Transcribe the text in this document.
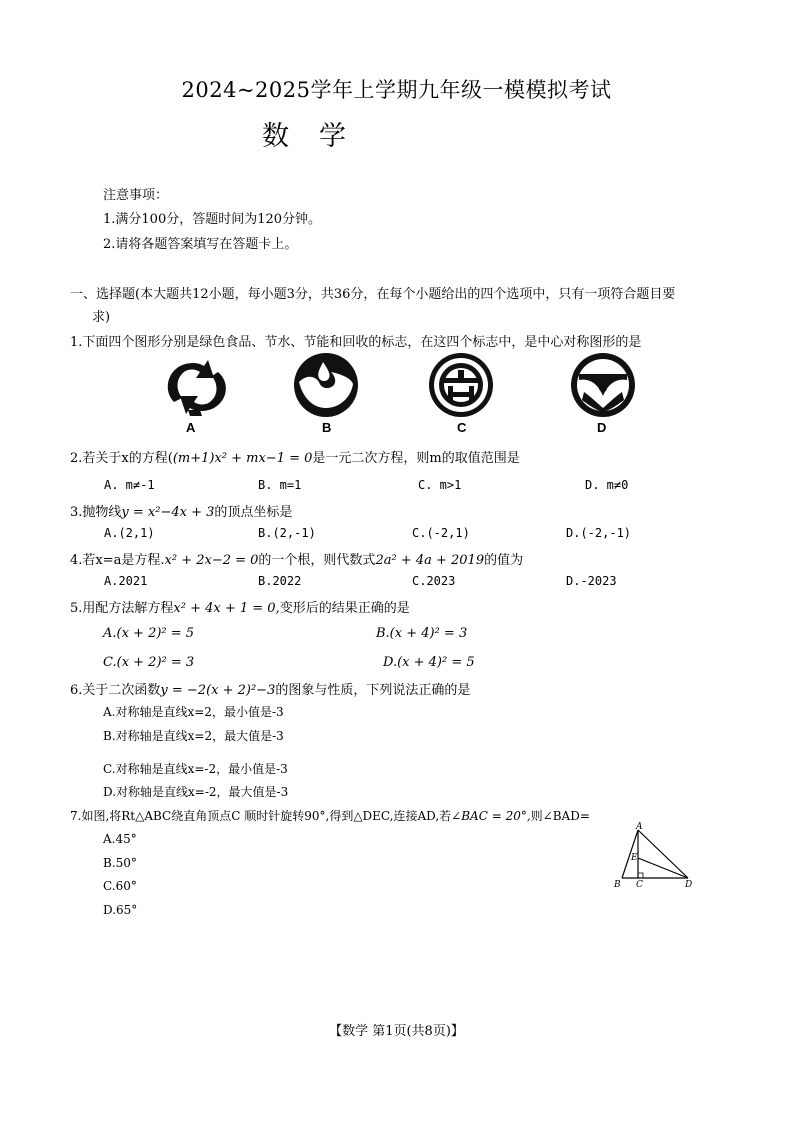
2024~2025学年上学期九年级一模模拟考试
数学
注意事项：
1.满分100分，答题时间为120分钟。
2.请将各题答案填写在答题卡上。
一、选择题(本大题共12小题，每小题3分，共36分，在每个小题给出的四个选项中，只有一项符合题目要
求)
1.下面四个图形分别是绿色食品、节水、节能和回收的标志，在这四个标志中，是中心对称图形的是
A	B	C	D
2.若关于x的方程((m+1)x² + mx−1 = 0是一元二次方程，则m的取值范围是
A. m≠-1	B. m=1	C. m>1	D. m≠0
3.抛物线y = x²−4x + 3的顶点坐标是
A.(2,1)	B.(2,-1)	C.(-2,1)	D.(-2,-1)
4.若x=a是方程.x² + 2x−2 = 0的一个根，则代数式2a² + 4a + 2019的值为
A.2021	B.2022	C.2023	D.-2023
5.用配方法解方程x² + 4x + 1 = 0,变形后的结果正确的是
A.(x + 2)² = 5	B.(x + 4)² = 3
C.(x + 2)² = 3	D.(x + 4)² = 5
6.关于二次函数y = −2(x + 2)²−3的图象与性质，下列说法正确的是
A.对称轴是直线x=2，最小值是-3
B.对称轴是直线x=2，最大值是-3
C.对称轴是直线x=-2，最小值是-3
D.对称轴是直线x=-2，最大值是-3
7.如图,将Rt△ABC绕直角顶点C 顺时针旋转90°,得到△DEC,连接AD,若∠BAC = 20°,则∠BAD=
A.45°
B.50°
C.60°
D.65°
A
E
B C	D
【数学 第1页(共8页)】
